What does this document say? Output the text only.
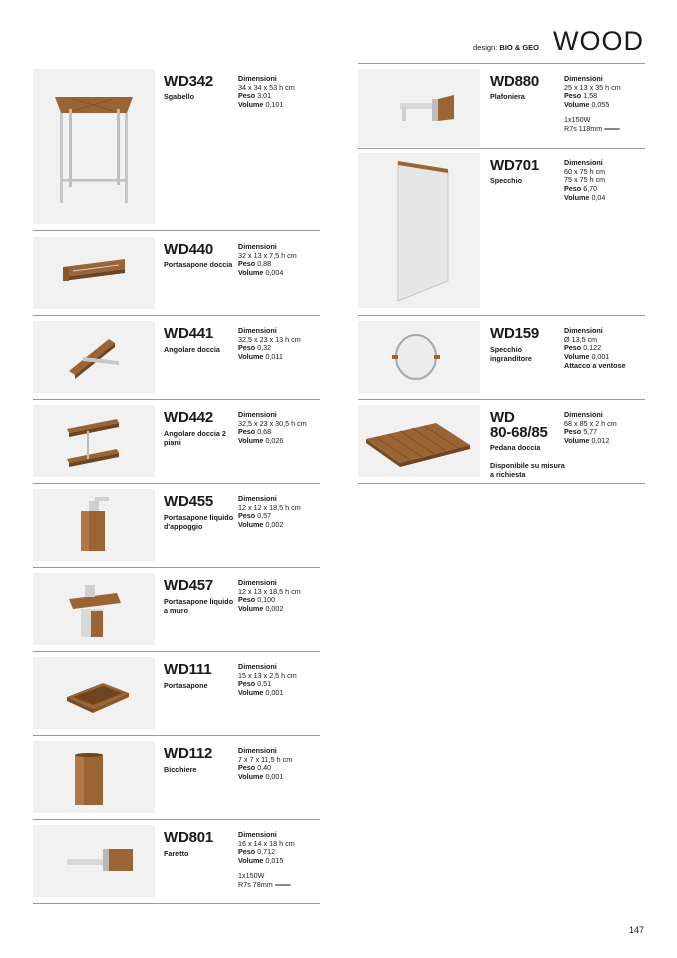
design: BIO & GEO WOOD
WD342
Sgabello
Dimensioni
34 x 34 x 53 h cm
Peso 3,01
Volume 0,101
WD440
Portasapone doccia
Dimensioni
32 x 13 x 7,5 h cm
Peso 0,88
Volume 0,004
WD441
Angolare doccia
Dimensioni
32,5 x 23 x 13 h cm
Peso 0,32
Volume 0,011
WD442
Angolare doccia 2 piani
Dimensioni
32,5 x 23 x 30,5 h cm
Peso 0,68
Volume 0,026
WD455
Portasapone liquido d'appoggio
Dimensioni
12 x 12 x 18,5 h cm
Peso 0,57
Volume 0,002
WD457
Portasapone liquido a muro
Dimensioni
12 x 13 x 18,5 h cm
Peso 0,100
Volume 0,002
WD111
Portasapone
Dimensioni
15 x 13 x 2,5 h cm
Peso 0,51
Volume 0,001
WD112
Bicchiere
Dimensioni
7 x 7 x 11,5 h cm
Peso 0,40
Volume 0,001
WD801
Faretto
Dimensioni
16 x 14 x 18 h cm
Peso 0,712
Volume 0,015
1x150W
R7s 78mm
WD880
Plafoniera
Dimensioni
25 x 13 x 35 h cm
Peso 1,58
Volume 0,055
1x150W
R7s 118mm
WD701
Specchio
Dimensioni
60 x 75 h cm
75 x 75 h cm
Peso 6,70
Volume 0,04
WD159
Specchio ingranditore
Dimensioni
Ø 13,5 cm
Peso 0,122
Volume 0,001
Attacco a ventose
WD
80-68/85
Pedana doccia
Disponibile su misura a richiesta
Dimensioni
68 x 85 x 2 h cm
Peso 5,77
Volume 0,012
147
